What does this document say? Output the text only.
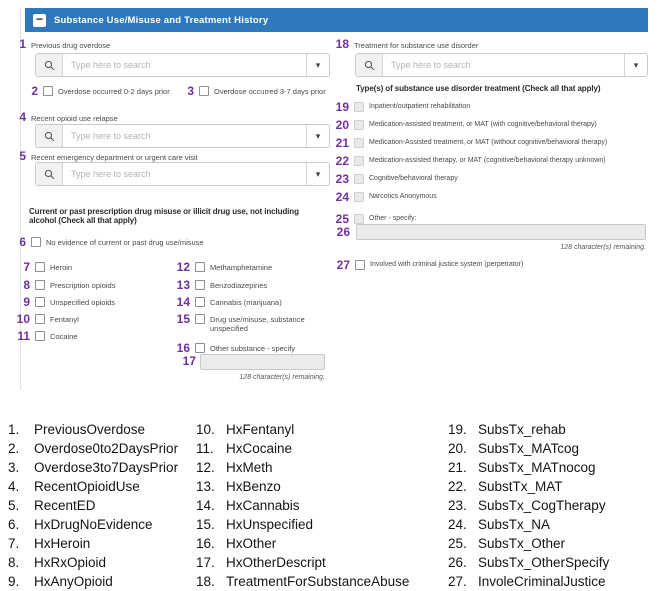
−	Substance Use/Misuse and Treatment History
1 Previous drug overdose
Type here to search
▾
2	Overdose occurred 0-2 days prior 3	Overdose occurred 3-7 days prior
4 Recent opioid use relapse
Type here to search
▾
5 Recent emergency department or urgent care visit
Type here to search
▾
Current or past prescription drug misuse or illicit drug use, not including alcohol (Check all that apply)
6	No evidence of current or past drug use/misuse
7	Heroin
8	Prescription opioids
9	Unspecified opioids
10	Fentanyl
11	Cocaine
12	Methamphetamine
13	Benzodiazepines
14	Cannabis (marijuana)
15	Drug use/misuse, substance unspecified
16	Other substance - specify
17
128 character(s) remaining.
18 Treatment for substance use disorder
Type here to search
▾
Type(s) of substance use disorder treatment (Check all that apply)
19	Inpatient/outpatient rehabilitation
20	Medication-assisted treatment, or MAT (with cognitive/behavioral therapy)
21	Medication-Assisted treatment, or MAT (without cognitive/behavioral therapy)
22	Medication-assisted therapy, or MAT (cognitive/behavioral therapy unknown)
23	Cognitive/behavioral therapy
24	Narcotics Anonymous
25	Other - specify:
26
128 character(s) remaining.
27	Involved with criminal justice system (perpetrator)
1.	PreviousOverdose
2.	Overdose0to2DaysPrior
3.	Overdose3to7DaysPrior
4.	RecentOpioidUse
5.	RecentED
6.	HxDrugNoEvidence
7.	HxHeroin
8.	HxRxOpioid
9.	HxAnyOpioid
10. HxFentanyl
11. HxCocaine
12. HxMeth
13. HxBenzo
14. HxCannabis
15. HxUnspecified
16. HxOther
17. HxOtherDescript
18. TreatmentForSubstanceAbuse
19. SubsTx_rehab
20. SubsTx_MATcog
21. SubsTx_MATnocog
22. SubstTx_MAT
23. SubsTx_CogTherapy
24. SubsTx_NA
25. SubsTx_Other
26. SubsTx_OtherSpecify
27. InvoleCriminalJustice
